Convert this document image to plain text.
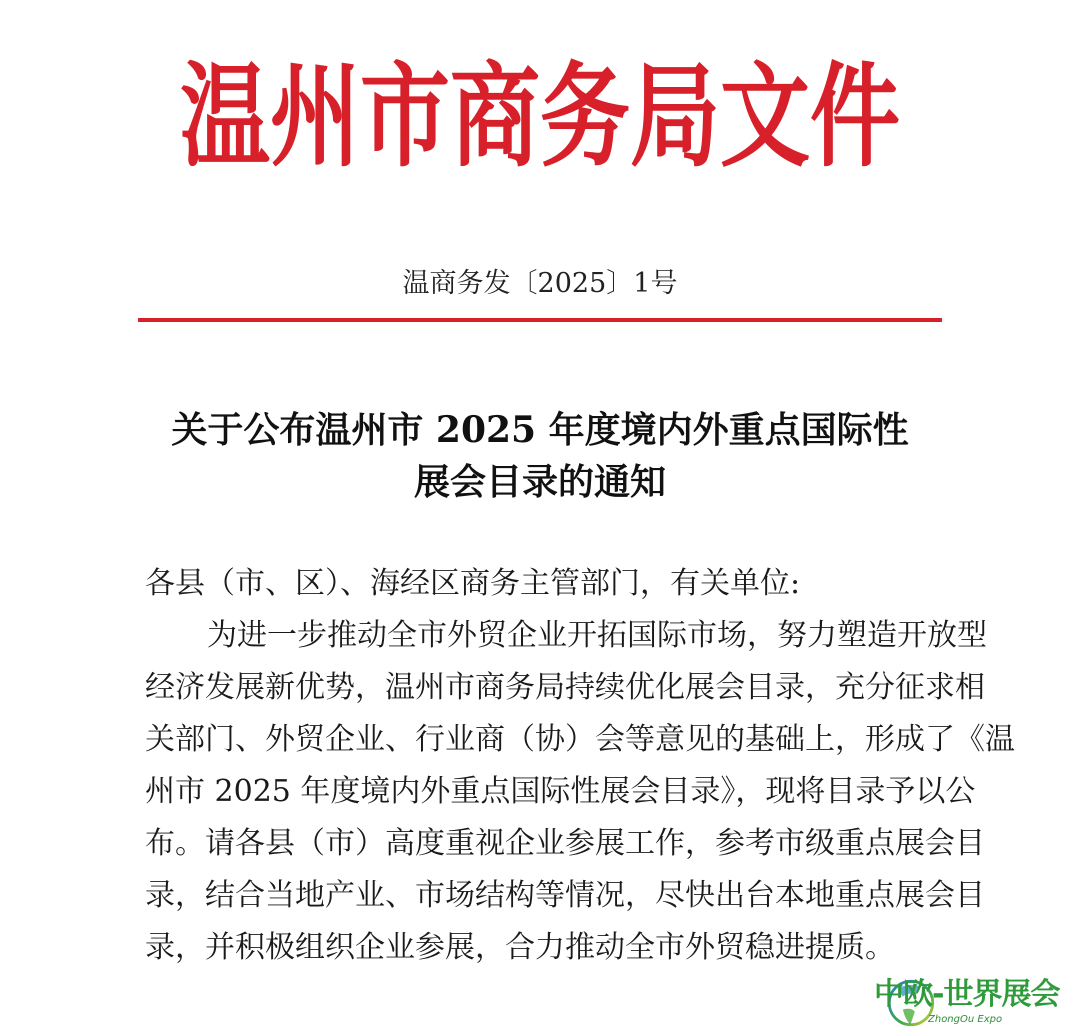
温州市商务局文件
温商务发〔2025〕1号
关于公布温州市 2025 年度境内外重点国际性
展会目录的通知
各县（市、区）、海经区商务主管部门，有关单位:
为进一步推动全市外贸企业开拓国际市场，努力塑造开放型
经济发展新优势，温州市商务局持续优化展会目录，充分征求相
关部门、外贸企业、行业商（协）会等意见的基础上，形成了《温
州市 2025 年度境内外重点国际性展会目录》，现将目录予以公
布。请各县（市）高度重视企业参展工作，参考市级重点展会目
录，结合当地产业、市场结构等情况，尽快出台本地重点展会目
录，并积极组织企业参展，合力推动全市外贸稳进提质。
中欧-世界展会
ZhongOu Expo
